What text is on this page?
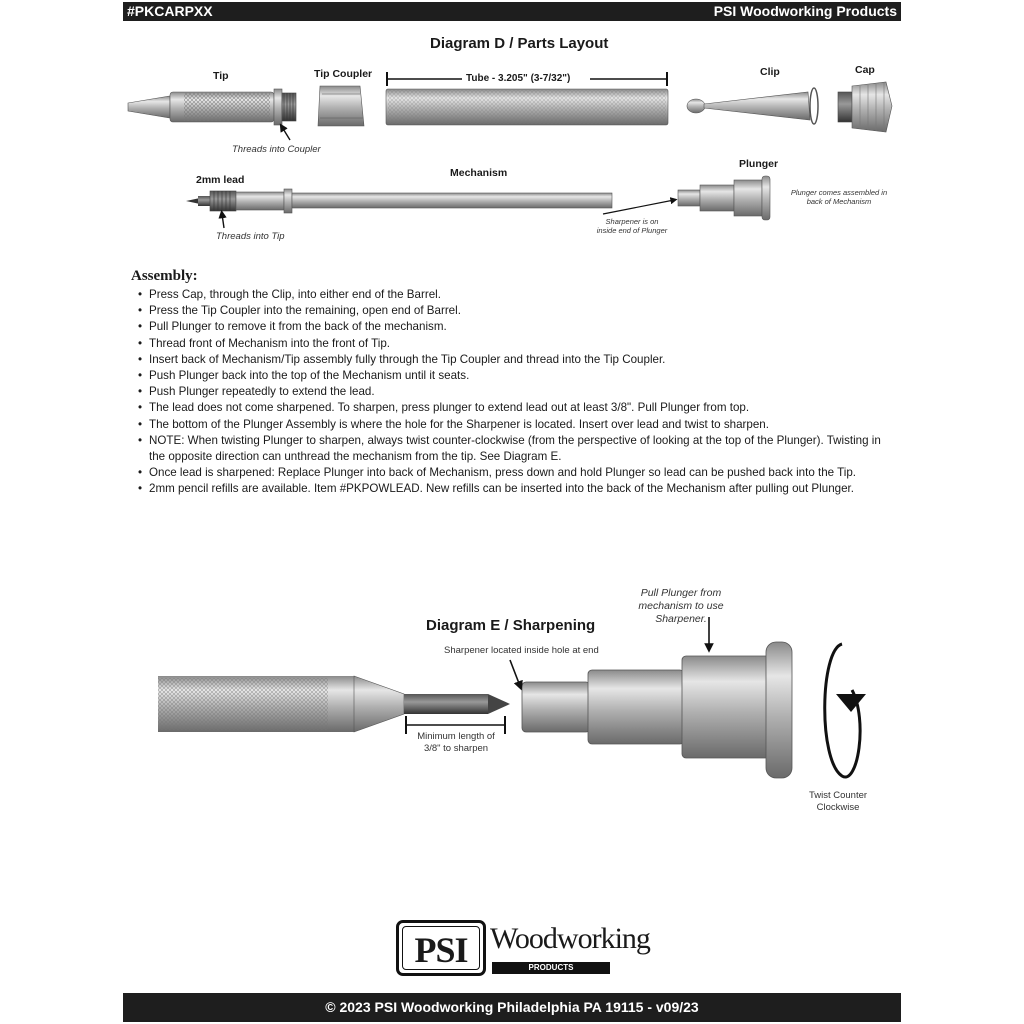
#PKCARPXX	PSI Woodworking Products
Diagram D / Parts Layout
Tip	Tip Coupler	Tube - 3.205" (3-7/32")
Clip	Cap
2mm lead
Mechanism
Plunger
Threads into Coupler
Threads into Tip
Sharpener is on inside end of Plunger
Plunger comes assembled in back of Mechanism
Assembly:
• Press Cap, through the Clip, into either end of the Barrel.
• Press the Tip Coupler into the remaining, open end of Barrel.
• Pull Plunger to remove it from the back of the mechanism.
• Thread front of Mechanism into the front of Tip.
• Insert back of Mechanism/Tip assembly fully through the Tip Coupler and thread into the Tip Coupler.
• Push Plunger back into the top of the Mechanism until it seats.
• Push Plunger repeatedly to extend the lead.
• The lead does not come sharpened. To sharpen, press plunger to extend lead out at least 3/8". Pull Plunger from top.
• The bottom of the Plunger Assembly is where the hole for the Sharpener is located. Insert over lead and twist to sharpen.
• NOTE: When twisting Plunger to sharpen, always twist counter-clockwise (from the perspective of looking at the top of the Plunger). Twisting in the opposite direction can unthread the mechanism from the tip. See Diagram E.
• Once lead is sharpened: Replace Plunger into back of Mechanism, press down and hold Plunger so lead can be pushed back into the Tip.
• 2mm pencil refills are available. Item #PKPOWLEAD. New refills can be inserted into the back of the Mechanism after pulling out Plunger.
Diagram E / Sharpening
Pull Plunger from mechanism to use Sharpener.
Sharpener located inside hole at end
Minimum length of 3/8" to sharpen
Twist Counter Clockwise
PSI Woodworking
PRODUCTS
© 2023 PSI Woodworking Philadelphia PA 19115 - v09/23
